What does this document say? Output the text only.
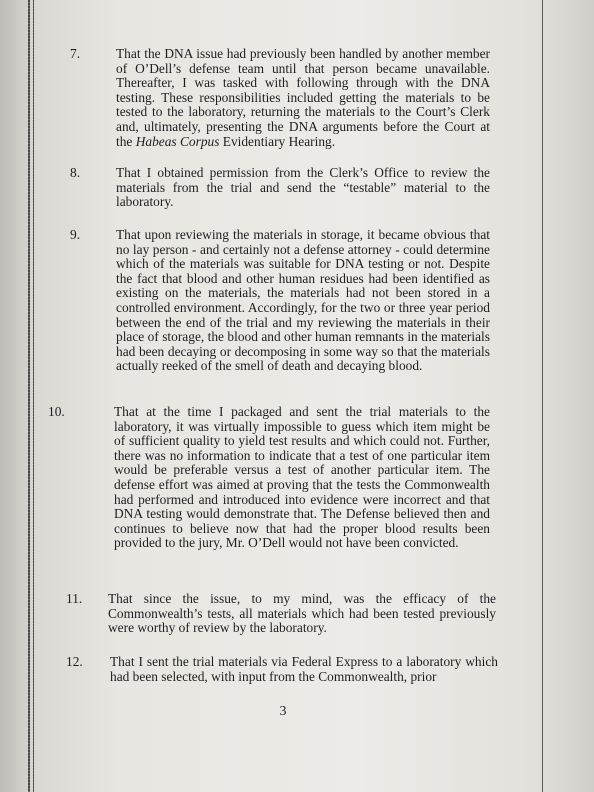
7.	That the DNA issue had previously been handled by another member of O’Dell’s defense team until that person became unavailable. Thereafter, I was tasked with following through with the DNA testing. These responsibilities included getting the materials to be tested to the laboratory, returning the materials to the Court’s Clerk and, ultimately, presenting the DNA arguments before the Court at the Habeas Corpus Evidentiary Hearing.
8.	That I obtained permission from the Clerk’s Office to review the materials from the trial and send the “testable” material to the laboratory.
9.	That upon reviewing the materials in storage, it became obvious that no lay person - and certainly not a defense attorney - could determine which of the materials was suitable for DNA testing or not. Despite the fact that blood and other human residues had been identified as existing on the materials, the materials had not been stored in a controlled environment. Accordingly, for the two or three year period between the end of the trial and my reviewing the materials in their place of storage, the blood and other human remnants in the materials had been decaying or decomposing in some way so that the materials actually reeked of the smell of death and decaying blood.
10.	That at the time I packaged and sent the trial materials to the laboratory, it was virtually impossible to guess which item might be of sufficient quality to yield test results and which could not. Further, there was no information to indicate that a test of one particular item would be preferable versus a test of another particular item. The defense effort was aimed at proving that the tests the Commonwealth had performed and introduced into evidence were incorrect and that DNA testing would demonstrate that. The Defense believed then and continues to believe now that had the proper blood results been provided to the jury, Mr. O’Dell would not have been convicted.
11.	That since the issue, to my mind, was the efficacy of the Commonwealth’s tests, all materials which had been tested previously were worthy of review by the laboratory.
12.	That I sent the trial materials via Federal Express to a laboratory which had been selected, with input from the Commonwealth, prior
3
